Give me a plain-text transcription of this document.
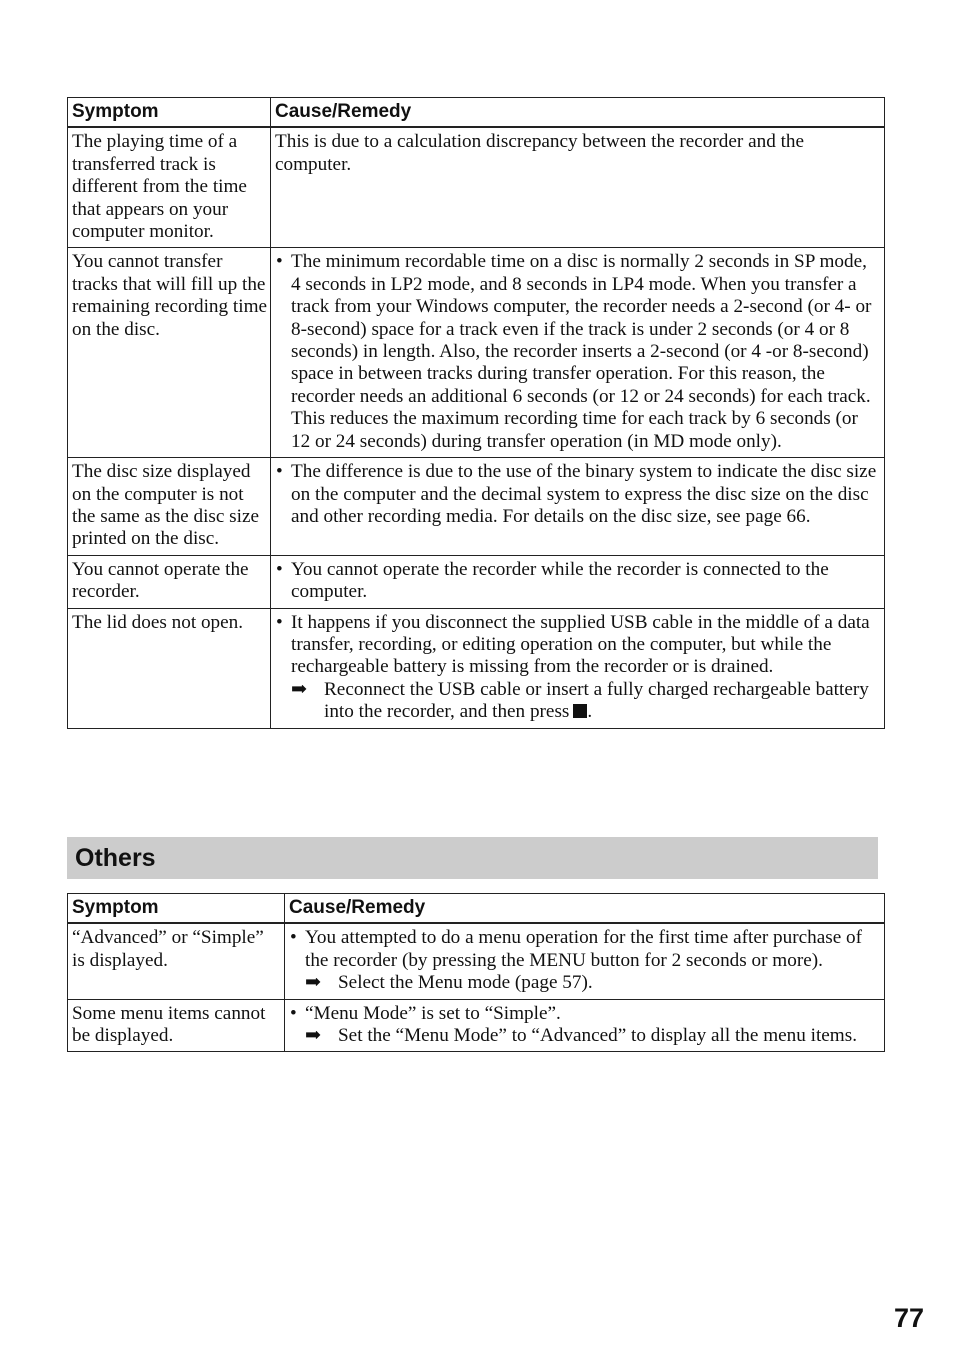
Symptom	Cause/Remedy
The playing time of a transferred track is different from the time that appears on your computer monitor.	This is due to a calculation discrepancy between the recorder and the computer.
You cannot transfer tracks that will fill up the remaining recording time on the disc.	• The minimum recordable time on a disc is normally 2 seconds in SP mode, 4 seconds in LP2 mode, and 8 seconds in LP4 mode. When you transfer a track from your Windows computer, the recorder needs a 2-second (or 4- or 8-second) space for a track even if the track is under 2 seconds (or 4 or 8 seconds) in length. Also, the recorder inserts a 2-second (or 4 -or 8-second) space in between tracks during transfer operation. For this reason, the recorder needs an additional 6 seconds (or 12 or 24 seconds) for each track. This reduces the maximum recording time for each track by 6 seconds (or 12 or 24 seconds) during transfer operation (in MD mode only).

The disc size displayed on the computer is not the same as the disc size printed on the disc.	• The difference is due to the use of the binary system to indicate the disc size on the computer and the decimal system to express the disc size on the disc and other recording media. For details on the disc size, see page 66.

You cannot operate the recorder.	• You cannot operate the recorder while the recorder is connected to the computer.

The lid does not open.	• It happens if you disconnect the supplied USB cable in the middle of a data transfer, recording, or editing operation on the computer, but while the rechargeable battery is missing from the recorder or is drained.
➡ Reconnect the USB cable or insert a fully charged rechargeable battery into the recorder, and then press .
Others
Symptom	Cause/Remedy
“Advanced” or “Simple” is displayed.	• You attempted to do a menu operation for the first time after purchase of the recorder (by pressing the MENU button for 2 seconds or more).
➡ Select the Menu mode (page 57).

Some menu items cannot be displayed.	• “Menu Mode” is set to “Simple”.
➡ Set the “Menu Mode” to “Advanced” to display all the menu items.
77
